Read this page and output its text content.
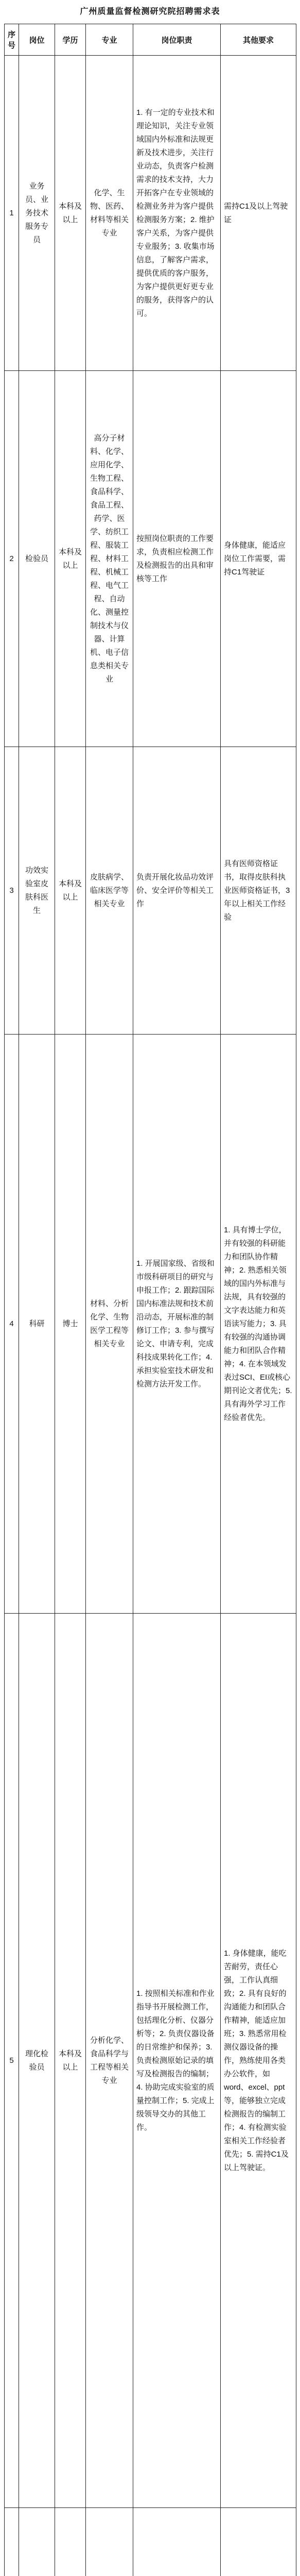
广州质量监督检测研究院招聘需求表
序号	岗位	学历	专业	岗位职责	其他要求
1	业务员、业务技术服务专员	本科及以上	化学、生物、医药、材料等相关专业	1. 有一定的专业技术和理论知识，关注专业领域国内外标准和法规更新及技术进步，关注行业动态，负责客户检测需求的技术支持，大力开拓客户在专业领域的检测业务并为客户提供检测服务方案；2. 维护客户关系，为客户提供专业服务；3. 收集市场信息，了解客户需求，提供优质的客户服务，为客户提供更好更专业的服务，获得客户的认可。	需持C1及以上驾驶证
2	检验员	本科及以上	高分子材料、化学、应用化学、生物工程、食品科学、食品工程、药学、医学、纺织工程、服装工程、材料工程、机械工程、电气工程、自动化、测量控制技术与仪器、计算机、电子信息类相关专业	按照岗位职责的工作要求，负责相应检测工作及检测报告的出具和审核等工作	身体健康，能适应岗位工作需要，需持C1驾驶证
3	功效实验室皮肤科医生	本科及以上	皮肤病学、临床医学等相关专业	负责开展化妆品功效评价、安全评价等相关工作	具有医师资格证书，取得皮肤科执业医师资格证书，3年以上相关工作经验
4	科研	博士	材料、分析化学、生物医学工程等相关专业	1. 开展国家级、省级和市级科研项目的研究与申报工作；2. 跟踪国际国内标准法规和技术前沿动态，开展标准的制修订工作；3. 参与撰写论文、申请专利，完成科技成果转化工作；4. 承担实验室技术研发和检测方法开发工作。	1. 具有博士学位，并有较强的科研能力和团队协作精神；2. 熟悉相关领域的国内外标准与法规，具有较强的文字表达能力和英语读写能力；3. 具有较强的沟通协调能力和团队合作精神；4. 在本领域发表过SCI、EI或核心期刊论文者优先；5. 具有海外学习工作经验者优先。
5	理化检验员	本科及以上	分析化学、食品科学与工程等相关专业	1. 按照相关标准和作业指导书开展检测工作，包括理化分析、仪器分析等；2. 负责仪器设备的日常维护和保养；3. 负责检测原始记录的填写及检测报告的编制；4. 协助完成实验室的质量控制工作；5. 完成上级领导交办的其他工作。	1. 身体健康，能吃苦耐劳，责任心强，工作认真细致；2. 具有良好的沟通能力和团队合作精神，能适应加班；3. 熟悉常用检测仪器设备的操作，熟练使用各类办公软件，如word、excel、ppt等，能够独立完成检测报告的编制工作；4. 有检测实验室相关工作经验者优先；5. 需持C1及以上驾驶证。
